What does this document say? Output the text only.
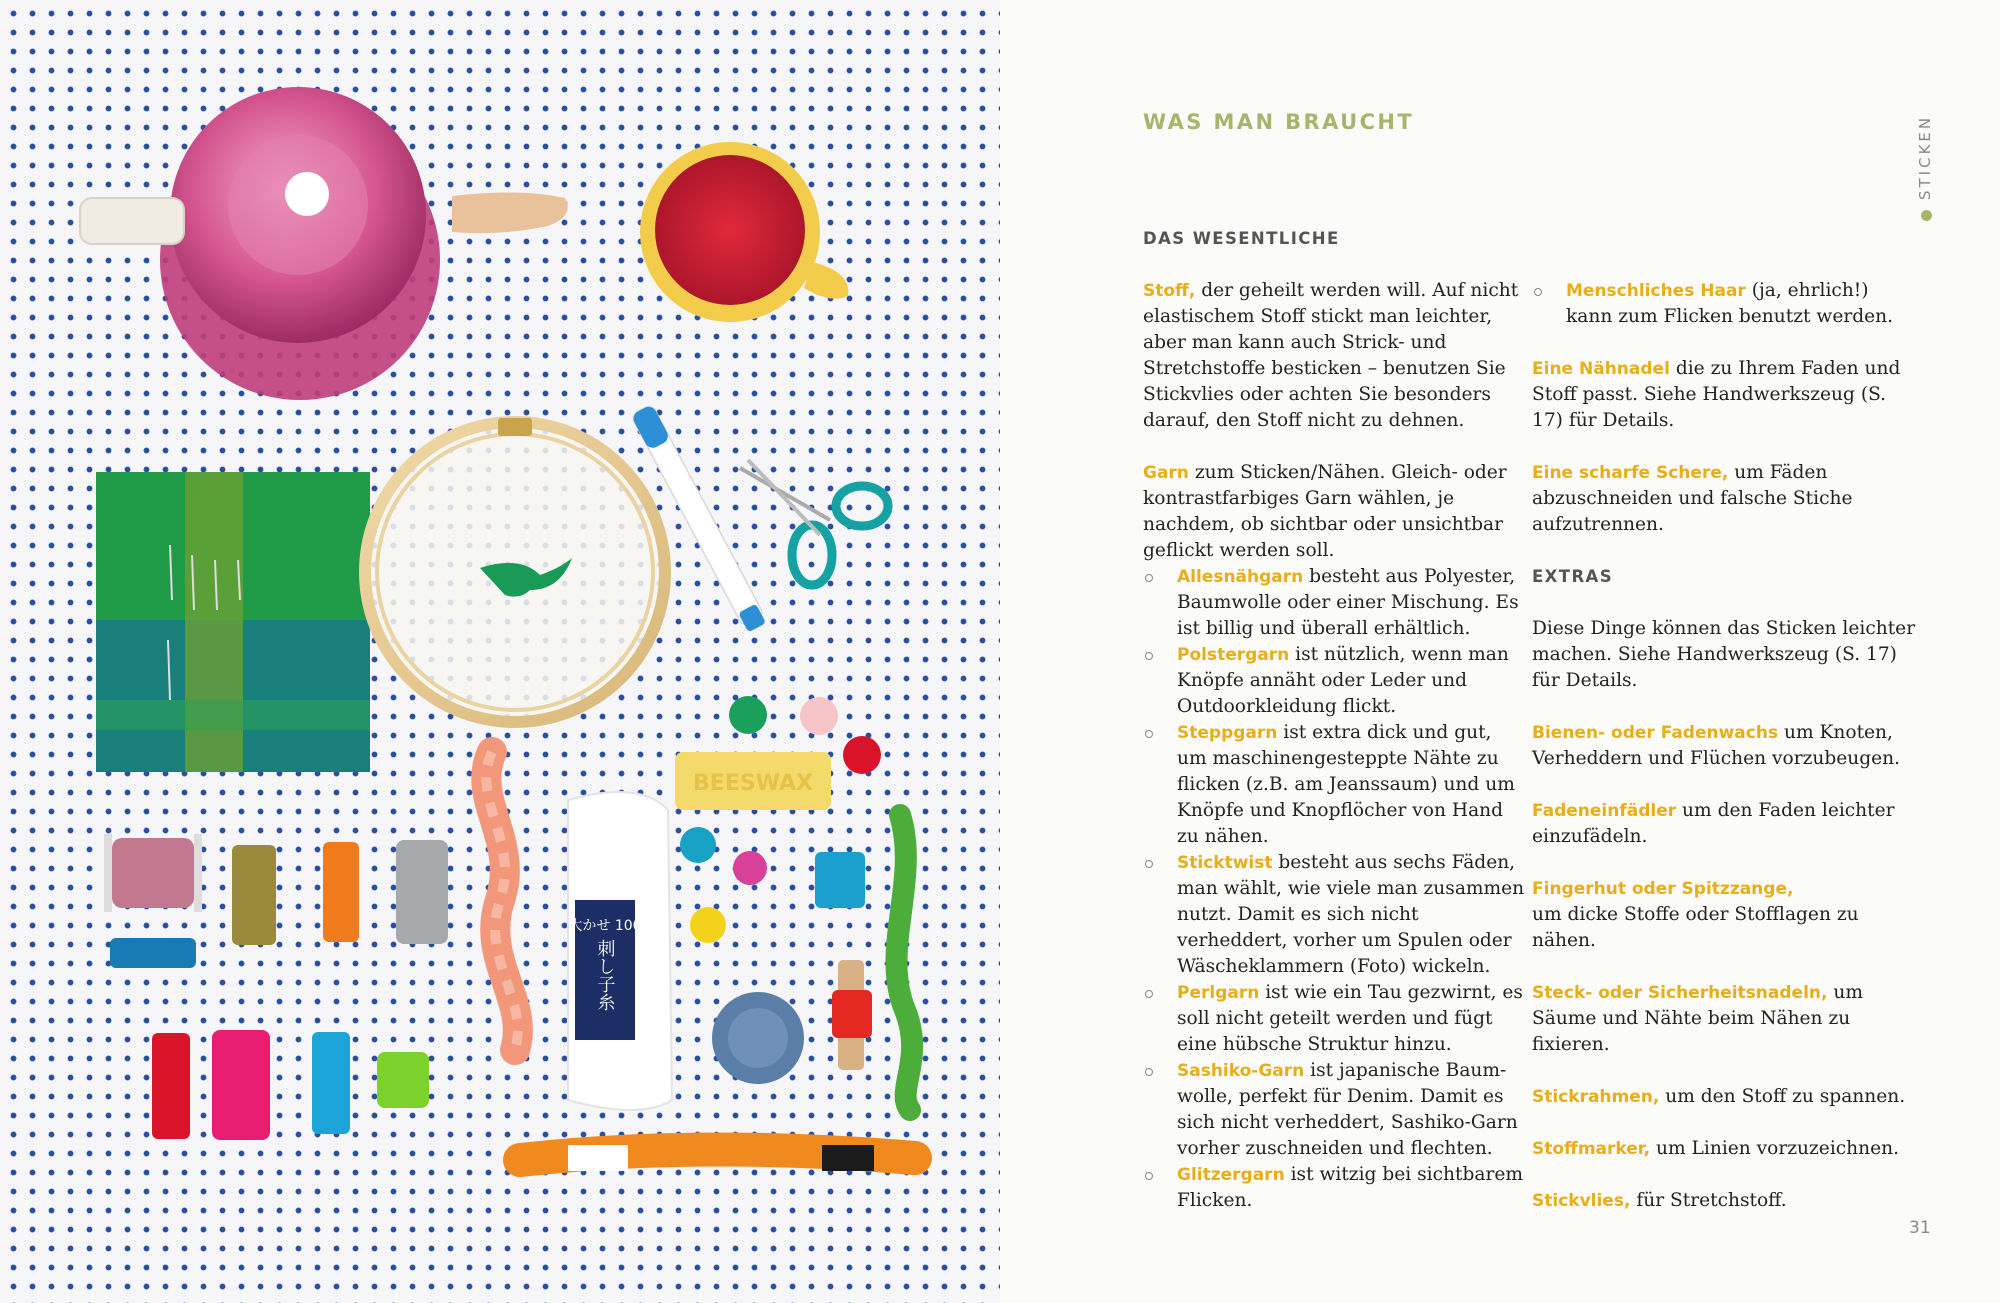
BEESWAX
大かせ 100
刺し子糸
WAS MAN BRAUCHT	STICKEN
DAS WESENTLICHE

Stoff, der geheilt werden will. Auf nicht elastischem Stoff stickt man leichter, aber man kann auch Strick- und Stretchstoffe besticken – benutzen Sie Stickvlies oder achten Sie besonders darauf, den Stoff nicht zu dehnen.

Garn zum Sticken/Nähen. Gleich- oder kontrastfarbiges Garn wählen, je nachdem, ob sichtbar oder unsichtbar geflickt werden soll.

Allesnähgarn besteht aus Polyester, Baumwolle oder einer Mischung. Es ist billig und überall erhältlich.
Polstergarn ist nützlich, wenn man Knöpfe annäht oder Leder und Outdoorkleidung flickt.
Steppgarn ist extra dick und gut, um maschinengesteppte Nähte zu flicken (z.B. am Jeanssaum) und um Knöpfe und Knopflöcher von Hand zu nähen.
Sticktwist besteht aus sechs Fäden, man wählt, wie viele man zusammen nutzt. Damit es sich nicht verheddert, vorher um Spulen oder Wäscheklammern (Foto) wickeln.
Perlgarn ist wie ein Tau gezwirnt, es soll nicht geteilt werden und fügt eine hübsche Struktur hinzu.
Sashiko-Garn ist japanische Baumwolle, perfekt für Denim. Damit es sich nicht verheddert, Sashiko-Garn vorher zuschneiden und flechten.
Glitzergarn ist witzig bei sichtbarem Flicken.
Menschliches Haar (ja, ehrlich!) kann zum Flicken benutzt werden.

Eine Nähnadel die zu Ihrem Faden und Stoff passt. Siehe Handwerkszeug (S. 17) für Details.

Eine scharfe Schere, um Fäden abzuschneiden und falsche Stiche aufzutrennen.

EXTRAS

Diese Dinge können das Sticken leichter machen. Siehe Handwerkszeug (S. 17) für Details.

Bienen- oder Fadenwachs um Knoten, Verheddern und Flüchen vorzubeugen.

Fadeneinfädler um den Faden leichter einzufädeln.

Fingerhut oder Spitzzange,
um dicke Stoffe oder Stofflagen zu nähen.

Steck- oder Sicherheitsnadeln, um Säume und Nähte beim Nähen zu fixieren.

Stickrahmen, um den Stoff zu spannen.

Stoffmarker, um Linien vorzuzeichnen.

Stickvlies, für Stretchstoff.

31
